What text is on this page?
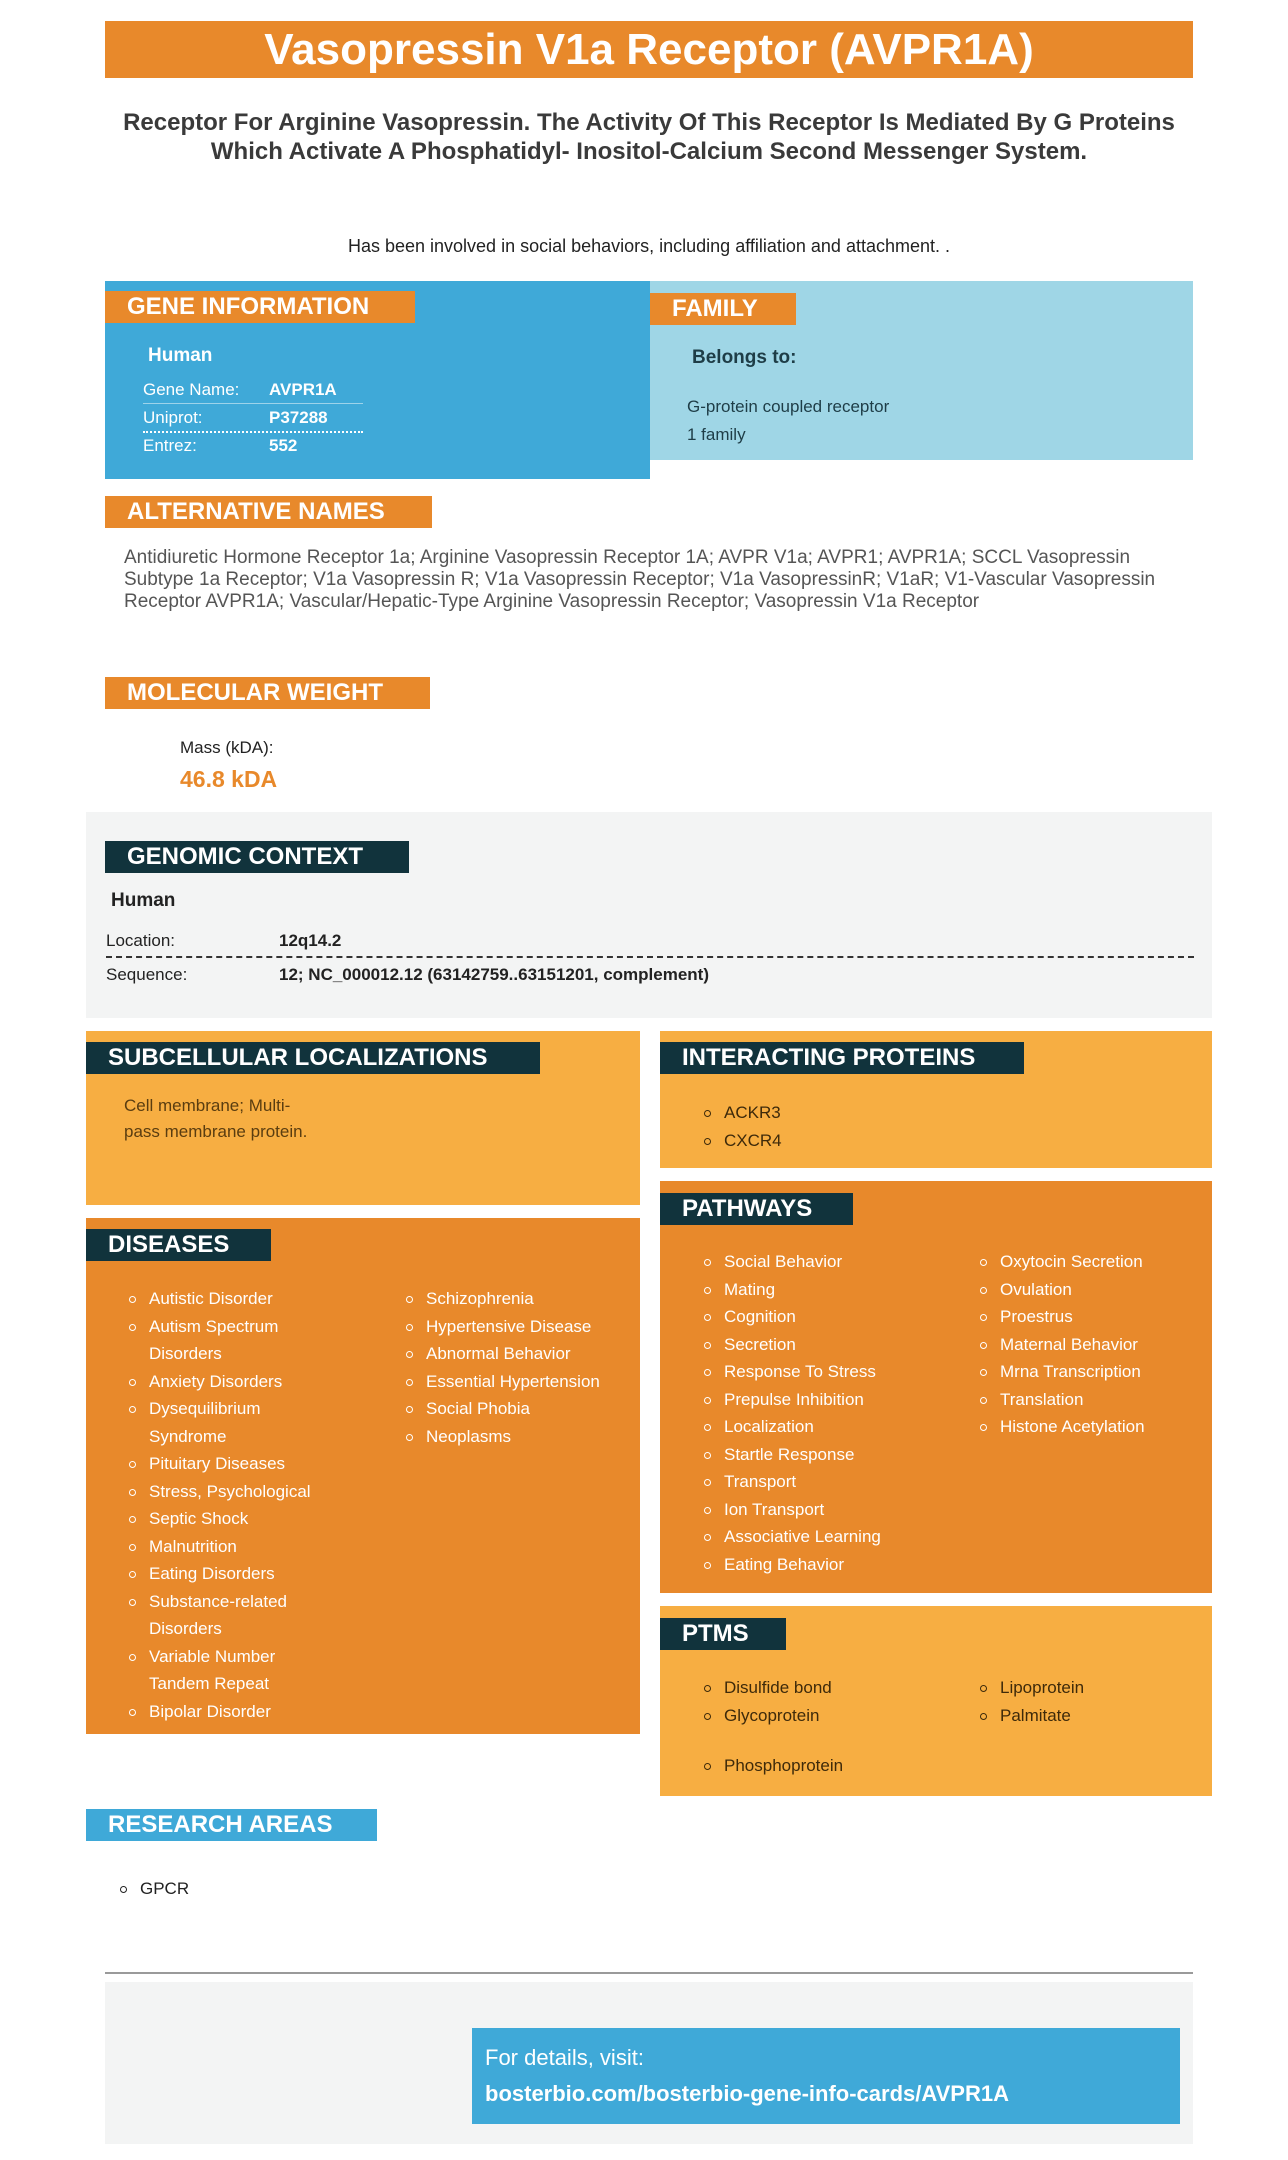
Vasopressin V1a Receptor (AVPR1A)
Receptor For Arginine Vasopressin. The Activity Of This Receptor Is Mediated By G Proteins Which Activate A Phosphatidyl- Inositol-Calcium Second Messenger System.
Has been involved in social behaviors, including affiliation and attachment. .
GENE INFORMATION
Human
Gene Name: AVPR1A
Uniprot:	P37288
Entrez:	552
FAMILY
Belongs to:
G-protein coupled receptor
1 family
ALTERNATIVE NAMES
Antidiuretic Hormone Receptor 1a; Arginine Vasopressin Receptor 1A; AVPR V1a; AVPR1; AVPR1A; SCCL Vasopressin Subtype 1a Receptor; V1a Vasopressin R; V1a Vasopressin Receptor; V1a VasopressinR; V1aR; V1-Vascular Vasopressin Receptor AVPR1A; Vascular/Hepatic-Type Arginine Vasopressin Receptor; Vasopressin V1a Receptor
MOLECULAR WEIGHT
Mass (kDA):
46.8 kDA
GENOMIC CONTEXT
Human
Location:	12q14.2
Sequence:	12; NC_000012.12 (63142759..63151201, complement)
SUBCELLULAR LOCALIZATIONS
Cell membrane; Multi-
pass membrane protein.
INTERACTING PROTEINS
ACKR3
CXCR4
DISEASES
Autistic Disorder
Autism Spectrum
Disorders
Anxiety Disorders
Dysequilibrium
Syndrome
Pituitary Diseases
Stress, Psychological
Septic Shock
Malnutrition
Eating Disorders
Substance-related
Disorders
Variable Number
Tandem Repeat
Bipolar Disorder
Schizophrenia
Hypertensive Disease
Abnormal Behavior
Essential Hypertension
Social Phobia
Neoplasms
PATHWAYS
Social Behavior
Mating
Cognition
Secretion
Response To Stress
Prepulse Inhibition
Localization
Startle Response
Transport
Ion Transport
Associative Learning
Eating Behavior
Oxytocin Secretion
Ovulation
Proestrus
Maternal Behavior
Mrna Transcription
Translation
Histone Acetylation
PTMS
Disulfide bond
Glycoprotein
Lipoprotein
Palmitate
Phosphoprotein
RESEARCH AREAS
GPCR
For details, visit:
bosterbio.com/bosterbio-gene-info-cards/AVPR1A
